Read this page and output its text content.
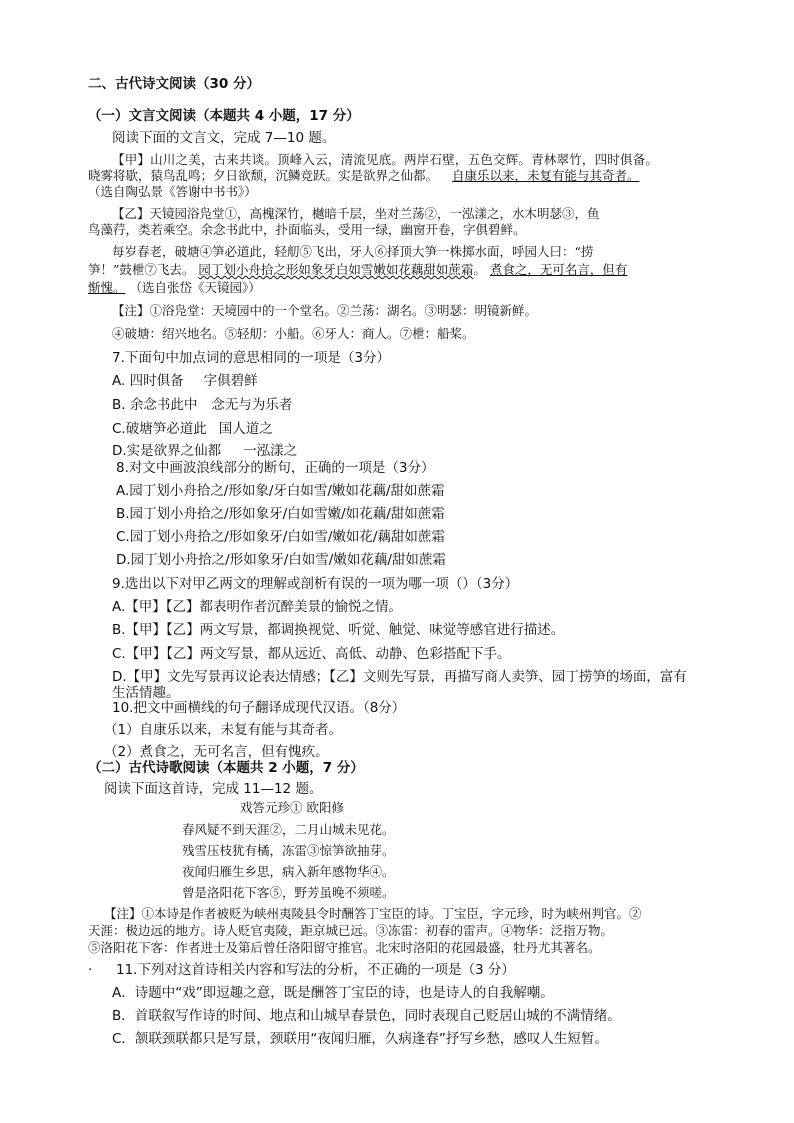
二、古代诗文阅读（30 分）
（一）文言文阅读（本题共 4 小题，17 分）
阅读下面的文言文，完成 7—10 题。
【甲】山川之美，古来共谈。顶峰入云，清流见底。两岸石壁，五色交辉。青林翠竹，四时俱备。
晓雾将歇，猿鸟乱鸣；夕日欲颓，沉鳞竞跃。实是欲界之仙都。 自康乐以来，未复有能与其奇者。
（选自陶弘景《答谢中书书》）
【乙】天镜园浴凫堂①，高槐深竹，樾暗千层，坐对兰荡②，一泓漾之，水木明瑟③，鱼
鸟藻荇，类若乘空。余念书此中，扑面临头，受用一绿，幽窗开卷，字俱碧鲜。
每岁春老，破塘④笋必道此，轻舠⑤飞出，牙人⑥择顶大笋一株掷水面，呼园人曰：“捞
笋！”鼓枻⑦飞去。 园丁划小舟拾之形如象牙白如雪嫩如花藕甜如蔗霜。 煮食之，无可名言，但有
惭愧。 （选自张岱《天镜园》）
【注】①浴凫堂：天境园中的一个堂名。②兰荡：湖名。③明瑟：明镜新鲜。
④破塘：绍兴地名。⑤轻舠：小船。⑥牙人：商人。⑦枻：船桨。
7.下面句中加点词的意思相同的一项是（3分）
A. 四时俱备 字俱碧鲜
B. 余念书此中 念无与为乐者
C.破塘笋必道此 国人道之
D.实是欲界之仙都 一泓漾之
8.对文中画波浪线部分的断句，正确的一项是（3分）
A.园丁划小舟拾之/形如象/牙白如雪/嫩如花藕/甜如蔗霜
B.园丁划小舟拾之/形如象牙/白如雪嫩/如花藕/甜如蔗霜
C.园丁划小舟拾之/形如象牙/白如雪/嫩如花/藕甜如蔗霜
D.园丁划小舟拾之/形如象牙/白如雪/嫩如花藕/甜如蔗霜
9.选出以下对甲乙两文的理解或剖析有误的一项为哪一项（）（3分）
A.【甲】【乙】都表明作者沉醉美景的愉悦之情。
B.【甲】【乙】两文写景，都调换视觉、听觉、触觉、味觉等感官进行描述。
C.【甲】【乙】两文写景，都从远近、高低、动静、色彩搭配下手。
D.【甲】文先写景再议论表达情感；【乙】文则先写景，再描写商人卖笋、园丁捞笋的场面，富有
生活情趣。
10.把文中画横线的句子翻译成现代汉语。（8分）
（1）自康乐以来，未复有能与其奇者。
（2）煮食之，无可名言，但有愧疚。
（二）古代诗歌阅读（本题共 2 小题，7 分）
阅读下面这首诗，完成 11—12 题。
戏答元珍① 欧阳修
春风疑不到天涯②，二月山城未见花。
残雪压枝犹有橘，冻雷③惊笋欲抽芽。
夜闻归雁生乡思，病入新年感物华④。
曾是洛阳花下客⑤，野芳虽晚不须嗟。
【注】①本诗是作者被贬为峡州夷陵县令时酬答丁宝臣的诗。丁宝臣，字元珍，时为峡州判官。②
天涯：极边远的地方。诗人贬官夷陵，距京城已远。③冻雷：初春的雷声。④物华：泛指万物。
⑤洛阳花下客：作者进士及第后曾任洛阳留守推官。北宋时洛阳的花园最盛，牡丹尤其著名。
· 11.下列对这首诗相关内容和写法的分析，不正确的一项是（3 分）
A．诗题中“戏”即逗趣之意，既是酬答丁宝臣的诗，也是诗人的自我解嘲。
B．首联叙写作诗的时间、地点和山城早春景色，同时表现自己贬居山城的不满情绪。
C．颔联颈联都只是写景，颈联用“夜闻归雁，久病逢春”抒写乡愁，感叹人生短暂。
